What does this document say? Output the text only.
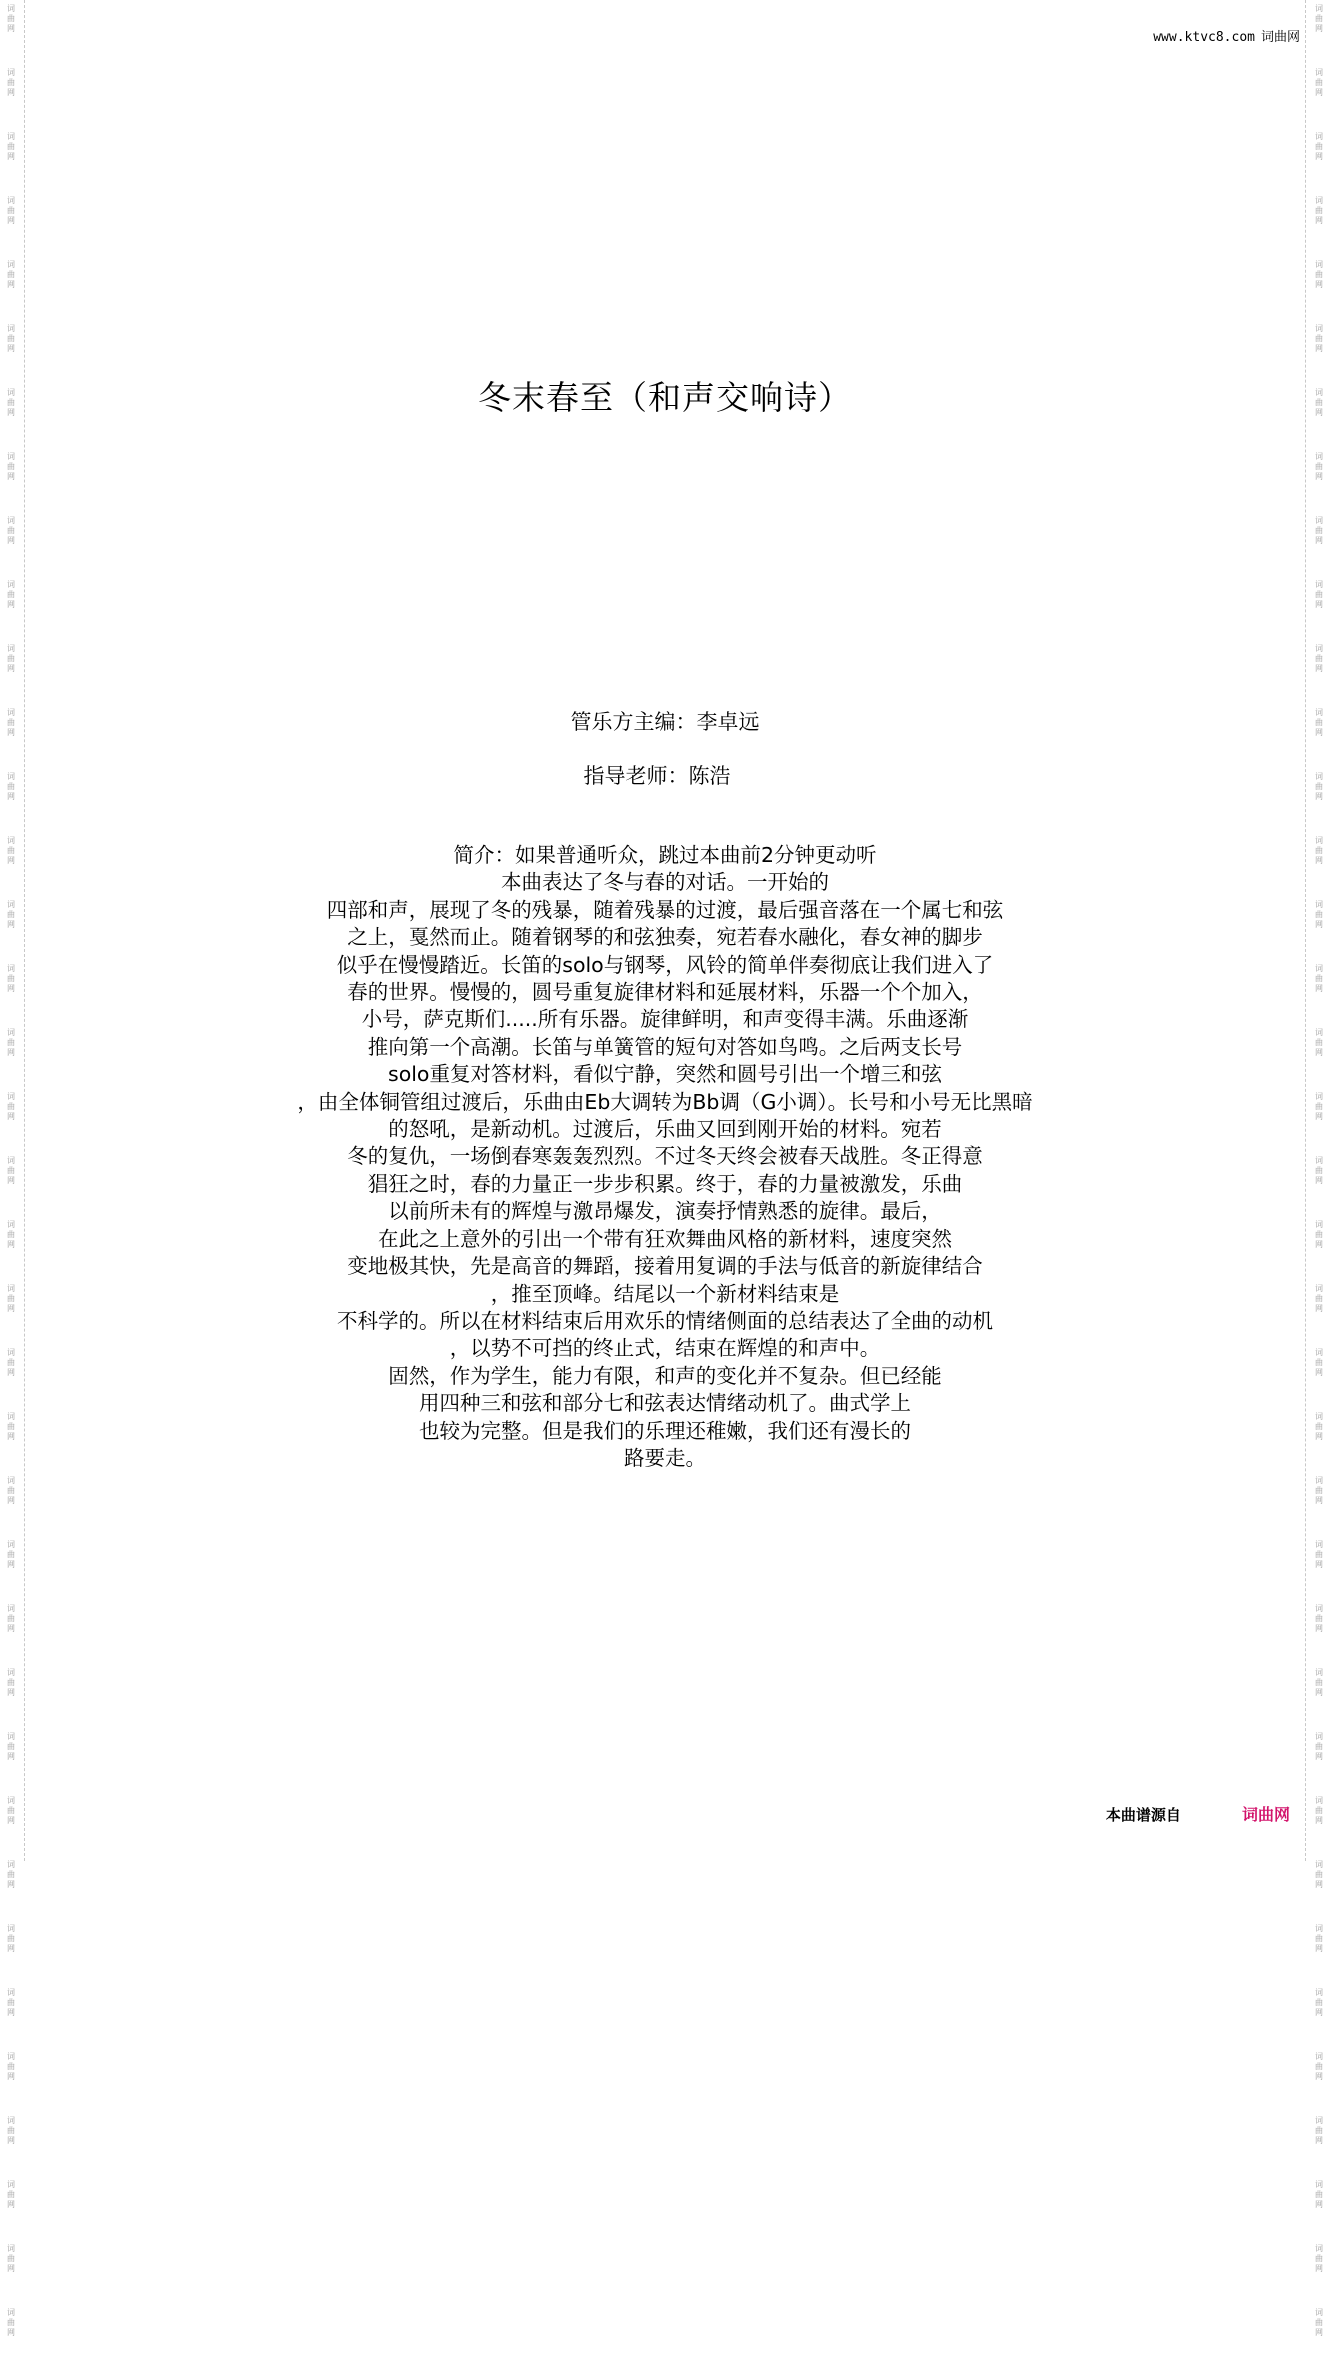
词
曲
网
词
曲
网
词
曲
网
词
曲
网
词
曲
网
词
曲
网
词
曲
网
词
曲
网
词
曲
网
词
曲
网
词
曲
网
词
曲
网
词
曲
网
词
曲
网
词
曲
网
词
曲
网
词
曲
网
词
曲
网
词
曲
网
词
曲
网
词
曲
网
词
曲
网
词
曲
网
词
曲
网
词
曲
网
词
曲
网
词
曲
网
词
曲
网
词
曲
网
词
曲
网
词
曲
网
词
曲
网
词
曲
网
词
曲
网
词
曲
网
词
曲
网
词
曲
网
词
曲
网
词
曲
网
词
曲
网
词
曲
网
词
曲
网
词
曲
网
词
曲
网
词
曲
网
词
曲
网
词
曲
网
词
曲
网
词
曲
网
词
曲
网
词
曲
网
词
曲
网
词
曲
网
词
曲
网
词
曲
网
词
曲
网
词
曲
网
词
曲
网
词
曲
网
词
曲
网
词
曲
网
词
曲
网
词
曲
网
词
曲
网
词
曲
网
词
曲
网
词
曲
网
词
曲
网
词
曲
网
词
曲
网
词
曲
网
词
曲
网
词
曲
网
词
曲
网
www.ktvc8.com 词曲网
冬末春至（和声交响诗）
管乐方主编：李卓远
指导老师：陈浩
简介：如果普通听众，跳过本曲前2分钟更动听
本曲表达了冬与春的对话。一开始的
四部和声，展现了冬的残暴，随着残暴的过渡，最后强音落在一个属七和弦
之上，戛然而止。随着钢琴的和弦独奏，宛若春水融化，春女神的脚步
似乎在慢慢踏近。长笛的solo与钢琴，风铃的简单伴奏彻底让我们进入了
春的世界。慢慢的，圆号重复旋律材料和延展材料，乐器一个个加入，
小号，萨克斯们.....所有乐器。旋律鲜明，和声变得丰满。乐曲逐渐
推向第一个高潮。长笛与单簧管的短句对答如鸟鸣。之后两支长号
solo重复对答材料，看似宁静，突然和圆号引出一个增三和弦
，由全体铜管组过渡后，乐曲由Eb大调转为Bb调（G小调）。长号和小号无比黑暗
的怒吼，是新动机。过渡后，乐曲又回到刚开始的材料。宛若
冬的复仇，一场倒春寒轰轰烈烈。不过冬天终会被春天战胜。冬正得意
猖狂之时，春的力量正一步步积累。终于，春的力量被激发，乐曲
以前所未有的辉煌与激昂爆发，演奏抒情熟悉的旋律。最后，
在此之上意外的引出一个带有狂欢舞曲风格的新材料，速度突然
变地极其快，先是高音的舞蹈，接着用复调的手法与低音的新旋律结合
，推至顶峰。结尾以一个新材料结束是
不科学的。所以在材料结束后用欢乐的情绪侧面的总结表达了全曲的动机
，以势不可挡的终止式，结束在辉煌的和声中。
固然，作为学生，能力有限，和声的变化并不复杂。但已经能
用四种三和弦和部分七和弦表达情绪动机了。曲式学上
也较为完整。但是我们的乐理还稚嫩，我们还有漫长的
路要走。
本曲谱源自	词曲网
